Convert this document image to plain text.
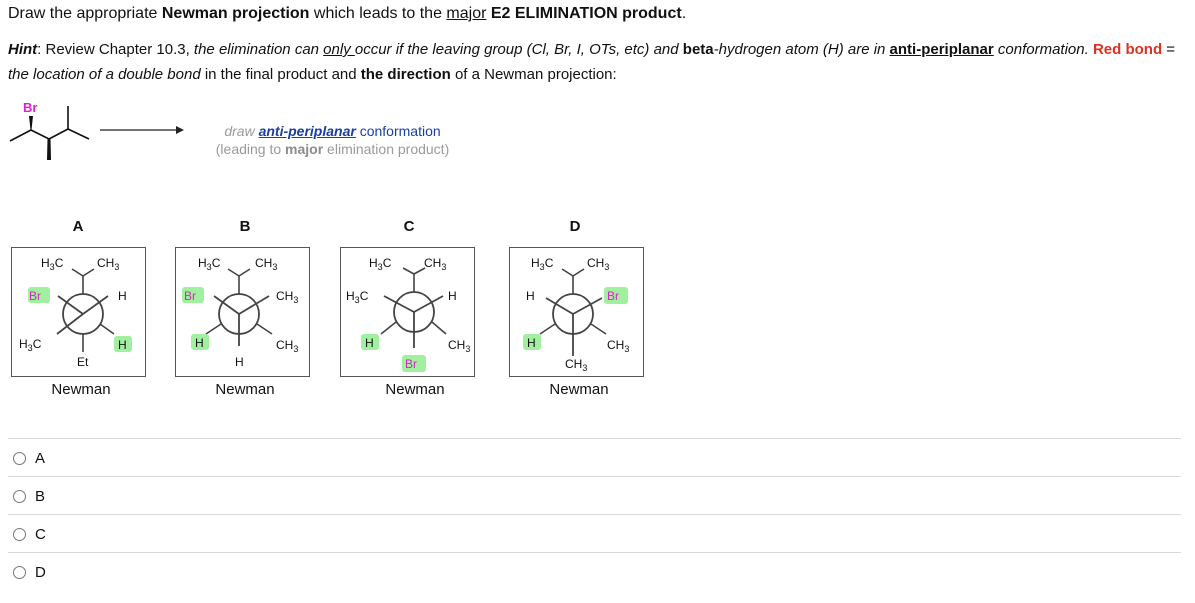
Draw the appropriate Newman projection which leads to the major E2 ELIMINATION product.
Hint: Review Chapter 10.3, the elimination can only occur if the leaving group (Cl, Br, I, OTs, etc) and beta-hydrogen atom (H) are in anti-periplanar conformation. Red bond =
the location of a double bond in the final product and the direction of a Newman projection:
Br
draw anti-periplanar conformation
(leading to major elimination product)
A	B	C	D
Br
$H_3C$
H
$H_3C$	$CH_3$
H
Et
Br	$CH_3$
$H_3C$	$CH_3$
H	$CH_3$
H
$H_3C$	H
$H_3C$	$CH_3$
H	$CH_3$
Br
H	Br
$H_3C$	$CH_3$
H	$CH_3$
$CH_3$
Newman	Newman	Newman	Newman
A
B
C
D
